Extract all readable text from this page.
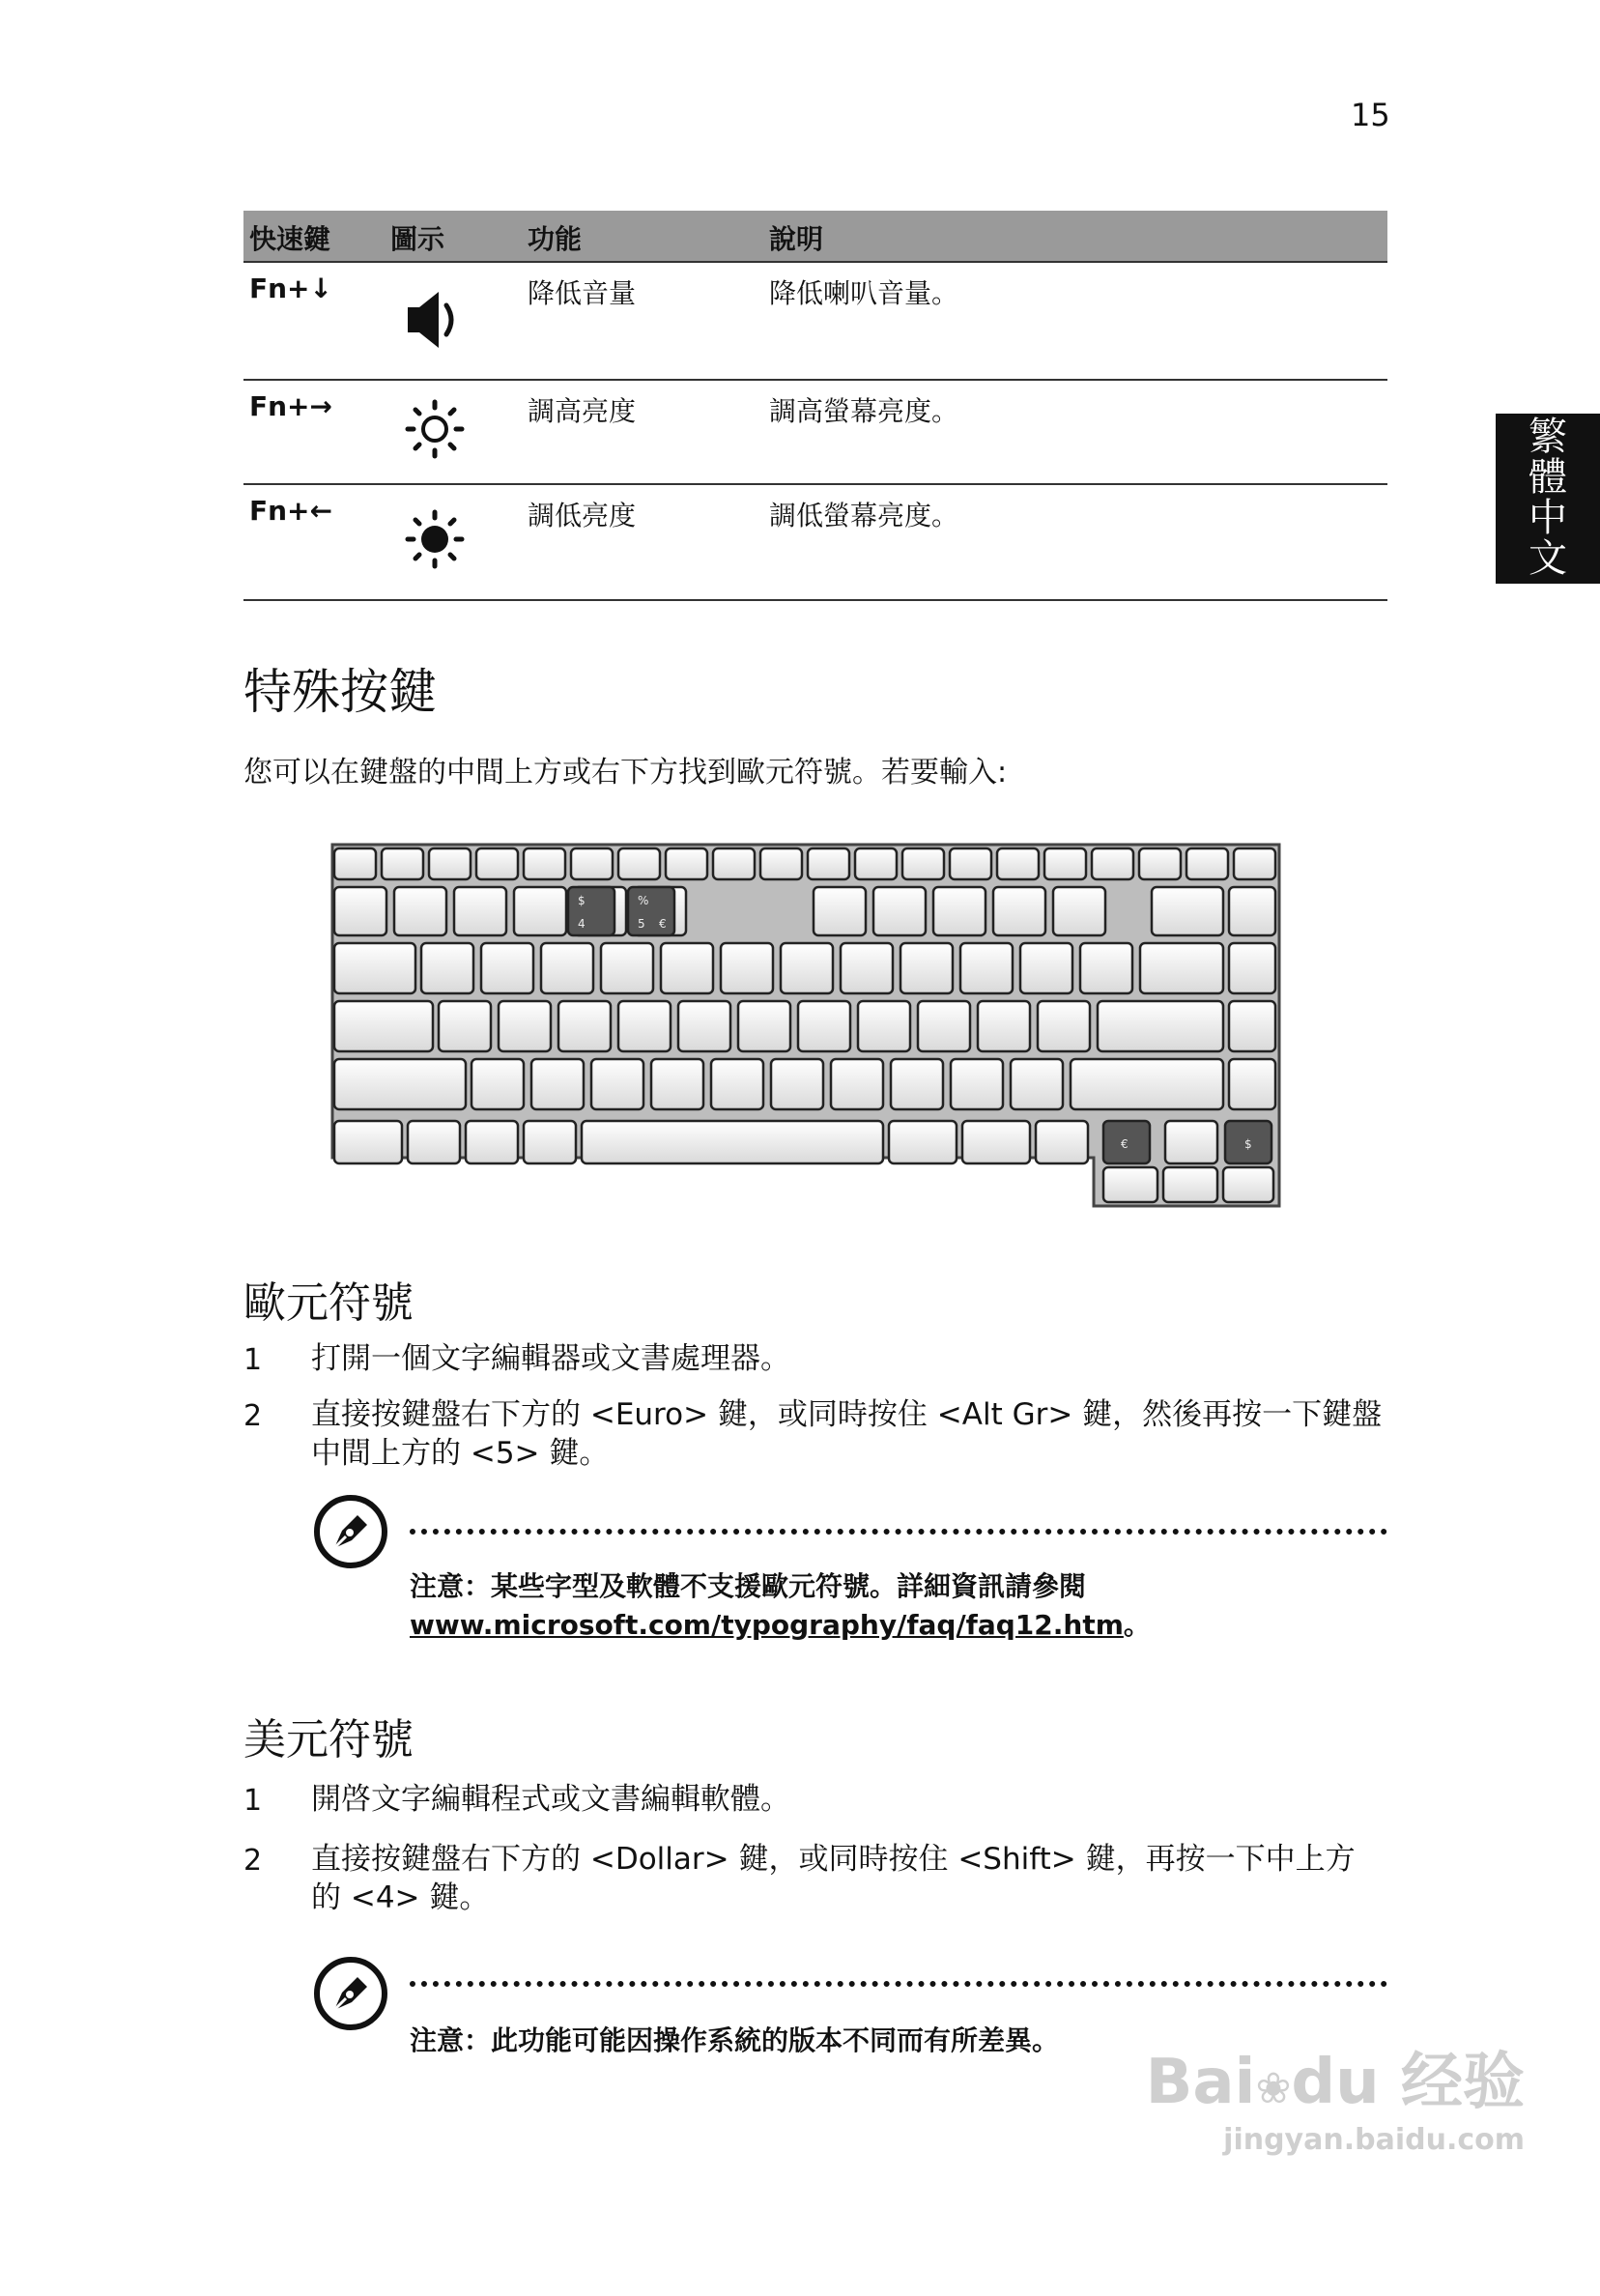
15
繁
體
中
文
快速鍵 圖示	功能	說明
Fn+↓	降低音量	降低喇叭音量。
Fn+→	調高亮度	調高螢幕亮度。
Fn+←	調低亮度	調低螢幕亮度。
特殊按鍵
您可以在鍵盤的中間上方或右下方找到歐元符號。若要輸入:
$
4
%
5 €
€	$
歐元符號
1 打開一個文字編輯器或文書處理器。
2 直接按鍵盤右下方的 <Euro> 鍵，或同時按住 <Alt Gr> 鍵，然後再按一下鍵盤中間上方的 <5> 鍵。
注意：某些字型及軟體不支援歐元符號。詳細資訊請參閱
www.microsoft.com/typography/faq/faq12.htm。
美元符號
1 開啓文字編輯程式或文書編輯軟體。
2 直接按鍵盤右下方的 <Dollar> 鍵，或同時按住 <Shift> 鍵，再按一下中上方的 <4> 鍵。
注意：此功能可能因操作系統的版本不同而有所差異。
Bai❀du 经验
jingyan.baidu.com
